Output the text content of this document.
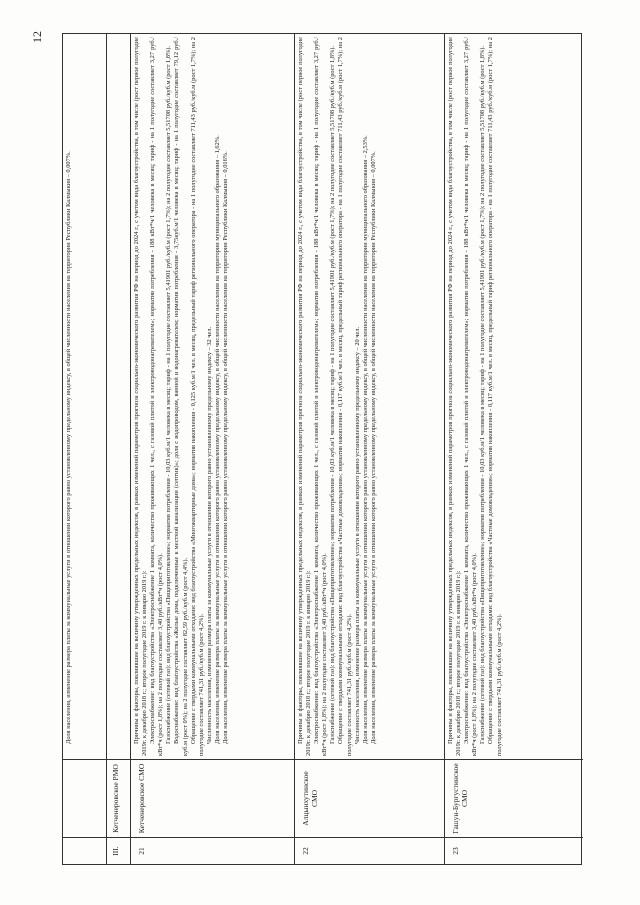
12

Доля населения, изменение размера платы за коммунальные услуги в отношении которого равно установленному предельному индексу, в общей численности населения на территории Республики Калмыкия – 0,007%.

III.
Кетченеровское РМО
21
Кетченеровское СМО

Причины и факторы, повлиявшие на величину утвержденных предельных индексов, в рамках изменений параметров прогноза социально-экономического развития РФ на период до 2024 г., с учетом вида благоустройства, в том числе (рост первое полугодие 2019г. к декабрю 2018 г.; второе полугодие 2019 г. к январю 2019 г.): Электроснабжение: вид благоустройства «Электроснабжение 1 комната, количество проживающих 1 чел., с газовой плитой и электроводонагревателем»; норматив потребления - 188 кВт*ч/1 человека в месяц; тариф - на 1 полугодие составляет 3,27 руб./кВт*ч (рост 1,8%); на 2 полугодие составляет 3,40 руб./кВт*ч (рост 4,0%). Газоснабжение (сетевой газ): вид благоустройства «Пищеприготовление»; норматив потребления - 10,03 куб.м/1 человека в месяц; тариф - на 1 полугодие составляет 5,41901 руб./куб.м (рост 1,7%); на 2 полугодие составляет 5,51708 руб./куб.м (рост 1,8%). Водоснабжение: вид благоустройства «Жилые дома, подключенные к местной канализации (септик)»; доля с водопроводом, ванной и водонагревателем; норматив потребления - 3,75куб.м/1 человека в месяц; тариф - на 1 полугодие составляет 79,12 руб./куб.м (рост 0%); на 2 полугодие составляет 82,59 руб./куб.м (рост 4,4%). Обращение с твердыми коммунальными отходами: вид благоустройства «Многоквартирные дома»; норматив накопления - 0,125 куб.м/1 чел. в месяц, предельный тариф регионального оператора - на 1 полугодие составляет 711,43 руб./куб.м (рост 1,7%); на 2 полугодие составляет 741,31 руб./куб.м (рост 4,2%). Численность населения, изменение размера платы за коммунальные услуги в отношении которого равно установленному предельному индексу – 32 чел. Доля населения, изменение размера платы за коммунальные услуги в отношении которого равно установленному предельному индексу, в общей численности населения на территории муниципального образования – 1,62%. Доля населения, изменение размера платы за коммунальные услуги в отношении которого равно установленному предельному индексу, в общей численности населения на территории Республики Калмыкия – 0,016%.

22
Алцынхутинское СМО

Причины и факторы, повлиявшие на величину утвержденных предельных индексов, в рамках изменений параметров прогноза социально-экономического развития РФ на период до 2024 г., с учетом вида благоустройства, в том числе (рост первое полугодие 2019г. к декабрю 2018 г.; второе полугодие 2019 г. к январю 2019 г.): Электроснабжение: вид благоустройства «Электроснабжение 1 комната, количество проживающих 1 чел., с газовой плитой и электроводонагревателем»; норматив потребления - 188 кВт*ч/1 человека в месяц; тариф - на 1 полугодие составляет 3,27 руб./кВт*ч (рост 1,8%); на 2 полугодие составляет 3,40 руб./кВт*ч (рост 4,0%). Газоснабжение (сетевой газ): вид благоустройства «Пищеприготовление»; норматив потребления - 10,03 куб.м/1 человека в месяц; тариф - на 1 полугодие составляет 5,41901 руб./куб.м (рост 1,7%); на 2 полугодие составляет 5,51708 руб./куб.м (рост 1,8%). Обращение с твердыми коммунальными отходами: вид благоустройства «Частные домовладения»; норматив накопления - 0,117 куб.м/1 чел. в месяц, предельный тариф регионального оператора - на 1 полугодие составляет 711,43 руб./куб.м (рост 1,7%); на 2 полугодие составляет 741,31 руб./куб.м (рост 4,2%). Численность населения, изменение размера платы за коммунальные услуги в отношении которого равно установленному предельному индексу – 20 чел. Доля населения, изменение размера платы за коммунальные услуги в отношении которого равно установленному предельному индексу, в общей численности населения на территории муниципального образования – 2,53%. Доля населения, изменение размера платы за коммунальные услуги в отношении которого равно установленному предельному индексу, в общей численности населения на территории Республики Калмыкия – 0,007%.

23
Гашун-Бургустинское СМО

Причины и факторы, повлиявшие на величину утвержденных предельных индексов, в рамках изменений параметров прогноза социально-экономического развития РФ на период до 2024 г., с учетом вида благоустройства, в том числе (рост первое полугодие 2019г. к декабрю 2018 г.; второе полугодие 2019 г. к январю 2019 г.): Электроснабжение: вид благоустройства «Электроснабжение 1 комната, количество проживающих 1 чел., с газовой плитой и электроводонагревателем»; норматив потребления - 188 кВт*ч/1 человека в месяц; тариф - на 1 полугодие составляет 3,27 руб./кВт*ч (рост 1,8%); на 2 полугодие составляет 3,40 руб./кВт*ч (рост 4,0%). Газоснабжение (сетевой газ): вид благоустройства «Пищеприготовление»; норматив потребления - 10,03 куб.м/1 человека в месяц; тариф - на 1 полугодие составляет 5,41901 руб./куб.м (рост 1,7%); на 2 полугодие составляет 5,51708 руб./куб.м (рост 1,8%). Обращение с твердыми коммунальными отходами: вид благоустройства «Частные домовладения»; норматив накопления - 0,117 куб.м/1 чел. в месяц, предельный тариф регионального оператора - на 1 полугодие составляет 711,43 руб./куб.м (рост 1,7%); на 2 полугодие составляет 741,31 руб./куб.м (рост 4,2%).
